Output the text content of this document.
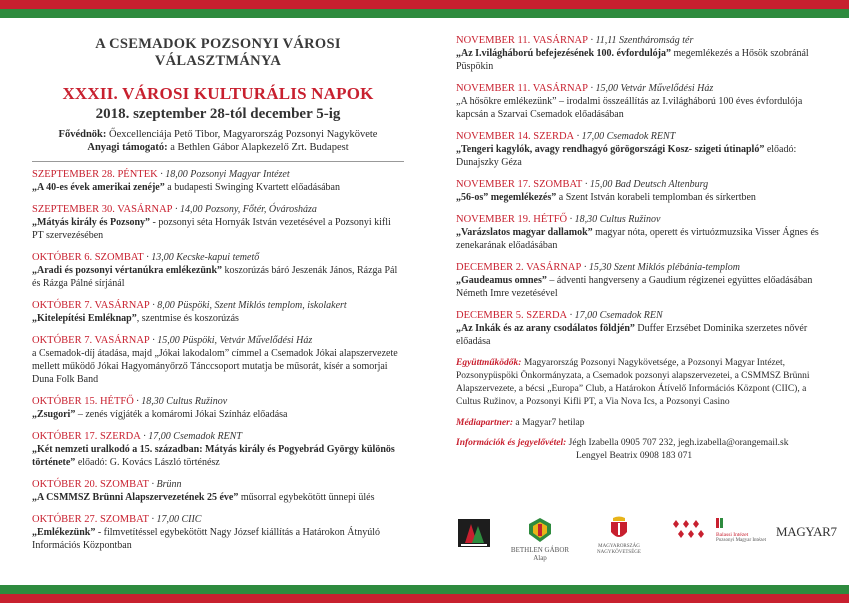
A CSEMADOK POZSONYI VÁROSI VÁLASZTMÁNYA
XXXII. VÁROSI KULTURÁLIS NAPOK
2018. szeptember 28-tól december 5-ig
Fővédnök: Őexcellenciája Pető Tibor, Magyarország Pozsonyi Nagykövete
Anyagi támogató: a Bethlen Gábor Alapkezelő Zrt. Budapest
SZEPTEMBER 28. PÉNTEK · 18,00 Pozsonyi Magyar Intézet
„A 40-es évek amerikai zenéje” a budapesti Swinging Kvartett előadásában
SZEPTEMBER 30. VASÁRNAP · 14,00 Pozsony, Főtér, Óvárosháza
„Mátyás király és Pozsony” - pozsonyi séta Hornyák István vezetésével a Pozsonyi kifli PT szervezésében
OKTÓBER 6. SZOMBAT · 13,00 Kecske-kapui temető
„Aradi és pozsonyi vértanúkra emlékezünk” koszorúzás báró Jeszenák János, Rázga Pál és Rázga Pálné sírjánál
OKTÓBER 7. VASÁRNAP · 8,00 Püspöki, Szent Miklós templom, iskolakert
„Kitelepítési Emléknap”, szentmise és koszorúzás
OKTÓBER 7. VASÁRNAP · 15,00 Püspöki, Vetvár Művelődési Ház
a Csemadok-díj átadása, majd „Jókai lakodalom” címmel a Csemadok Jókai alapszervezete mellett működő Jókai Hagyományőrző Tánccsoport mutatja be műsorát, kísér a somorjai Duna Folk Band
OKTÓBER 15. HÉTFŐ · 18,30 Cultus Ružinov
„Zsugori” – zenés vígjáték a komáromi Jókai Színház előadása
OKTÓBER 17. SZERDA · 17,00 Csemadok RENT
„Két nemzeti uralkodó a 15. században: Mátyás király és Pogyebrád György különös története” előadó: G. Kovács László történész
OKTÓBER 20. SZOMBAT · Brünn
„A CSMMSZ Brünni Alapszervezetének 25 éve” műsorral egybekötött ünnepi ülés
OKTÓBER 27. SZOMBAT · 17,00 CIIC
„Emlékezünk” - filmvetítéssel egybekötött Nagy József kiállítás a Határokon Átnyúló Információs Központban
NOVEMBER 11. VASÁRNAP · 11,11 Szentháromság tér
„Az I.világháború befejezésének 100. évfordulója” megemlékezés a Hősök szobránál Püspökin
NOVEMBER 11. VASÁRNAP · 15,00 Vetvár Művelődési Ház
„A hősökre emlékezünk” – irodalmi összeállítás az I.világháború 100 éves évfordulója kapcsán a Szarvai Csemadok előadásában
NOVEMBER 14. SZERDA · 17,00 Csemadok RENT
„Tengeri kagylók, avagy rendhagyó görögországi Kosz- szigeti útinapló” előadó: Dunajszky Géza
NOVEMBER 17. SZOMBAT · 15,00 Bad Deutsch Altenburg
„56-os” megemlékezés” a Szent István korabeli templomban és sírkertben
NOVEMBER 19. HÉTFŐ · 18,30 Cultus Ružinov
„Varázslatos magyar dallamok” magyar nóta, operett és virtuózmuzsika Visser Ágnes és zenekarának előadásában
DECEMBER 2. VASÁRNAP · 15,30 Szent Miklós plébánia-templom
„Gaudeamus omnes” – ádventi hangverseny a Gaudium régizenei együttes előadásában Németh Imre vezetésével
DECEMBER 5. SZERDA · 17,00 Csemadok REN
„Az Inkák és az arany csodálatos földjén” Duffer Erzsébet Dominika szerzetes nővér előadása
Együttműködők: Magyarország Pozsonyi Nagykövetsége, a Pozsonyi Magyar Intézet, Pozsonypüspöki Önkormányzata, a Csemadok pozsonyi alapszervezetei, a CSMMSZ Brünni Alapszervezete, a bécsi „Europa” Club, a Határokon Átívelő Információs Központ (CIIC), a Cultus Ružinov, a Pozsonyi Kifli PT, a Via Nova Ics, a Pozsonyi Casino
Médiapartner: a Magyar7 hetilap
Információk és jegyelővétel: Jégh Izabella 0905 707 232, jegh.izabella@orangemail.sk
Lengyel Beatrix 0908 183 071
BETHLEN GÁBOR
Alap
MAGYARORSZÁG NAGYKÖVETSÉGE
Balassi Intézet
Pozsonyi Magyar Intézet
MAGYAR7
